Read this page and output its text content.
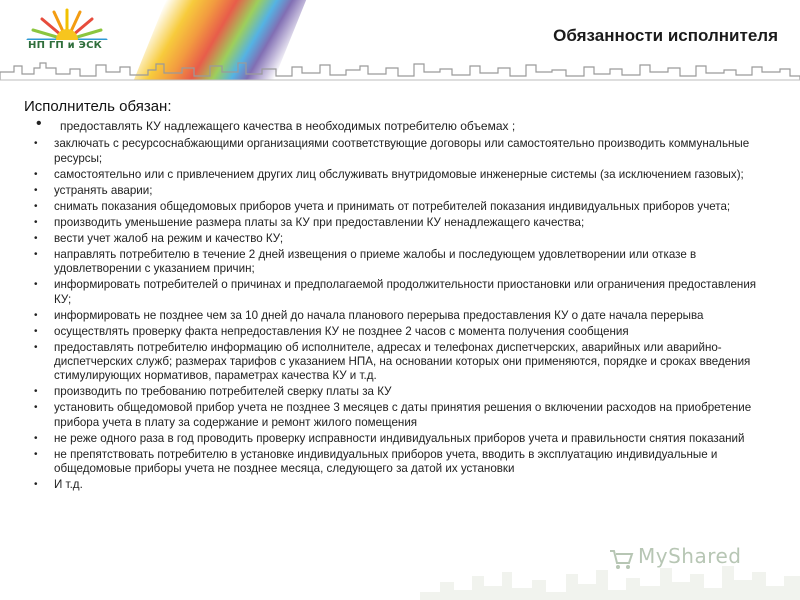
НП ГП и ЭСК
Обязанности исполнителя
Исполнитель обязан:
• предоставлять КУ надлежащего качества в необходимых потребителю объемах ;
• заключать с ресурсоснабжающими организациями соответствующие договоры или самостоятельно производить коммунальные ресурсы;
• самостоятельно или с привлечением других лиц обслуживать внутридомовые инженерные системы (за исключением газовых);
• устранять аварии;
• снимать показания общедомовых приборов учета и принимать от потребителей показания индивидуальных приборов учета;
• производить уменьшение размера платы за КУ при предоставлении КУ ненадлежащего качества;
• вести учет жалоб на режим и качество КУ;
• направлять потребителю в течение 2 дней извещения о приеме жалобы и последующем удовлетворении или отказе в удовлетворении с указанием причин;
• информировать потребителей о причинах и предполагаемой продолжительности приостановки или ограничения предоставления КУ;
• информировать не позднее чем за 10 дней до начала планового перерыва предоставления КУ о дате начала перерыва
• осуществлять проверку факта непредоставления КУ не позднее 2 часов с момента получения сообщения
• предоставлять потребителю информацию об исполнителе, адресах и телефонах диспетчерских, аварийных или аварийно-диспетчерских служб; размерах тарифов с указанием НПА, на основании которых они применяются, порядке и сроках введения стимулирующих нормативов, параметрах качества КУ и т.д.
• производить по требованию потребителей сверку платы за КУ
• установить общедомовой прибор учета не позднее 3 месяцев с даты принятия решения о включении расходов на приобретение прибора учета в плату за содержание и ремонт жилого помещения
• не реже одного раза в год проводить проверку исправности индивидуальных приборов учета и правильности снятия показаний
• не препятствовать потребителю в установке индивидуальных приборов учета, вводить в эксплуатацию индивидуальные и общедомовые приборы учета не позднее месяца, следующего за датой их установки
• И т.д.
MyShared
